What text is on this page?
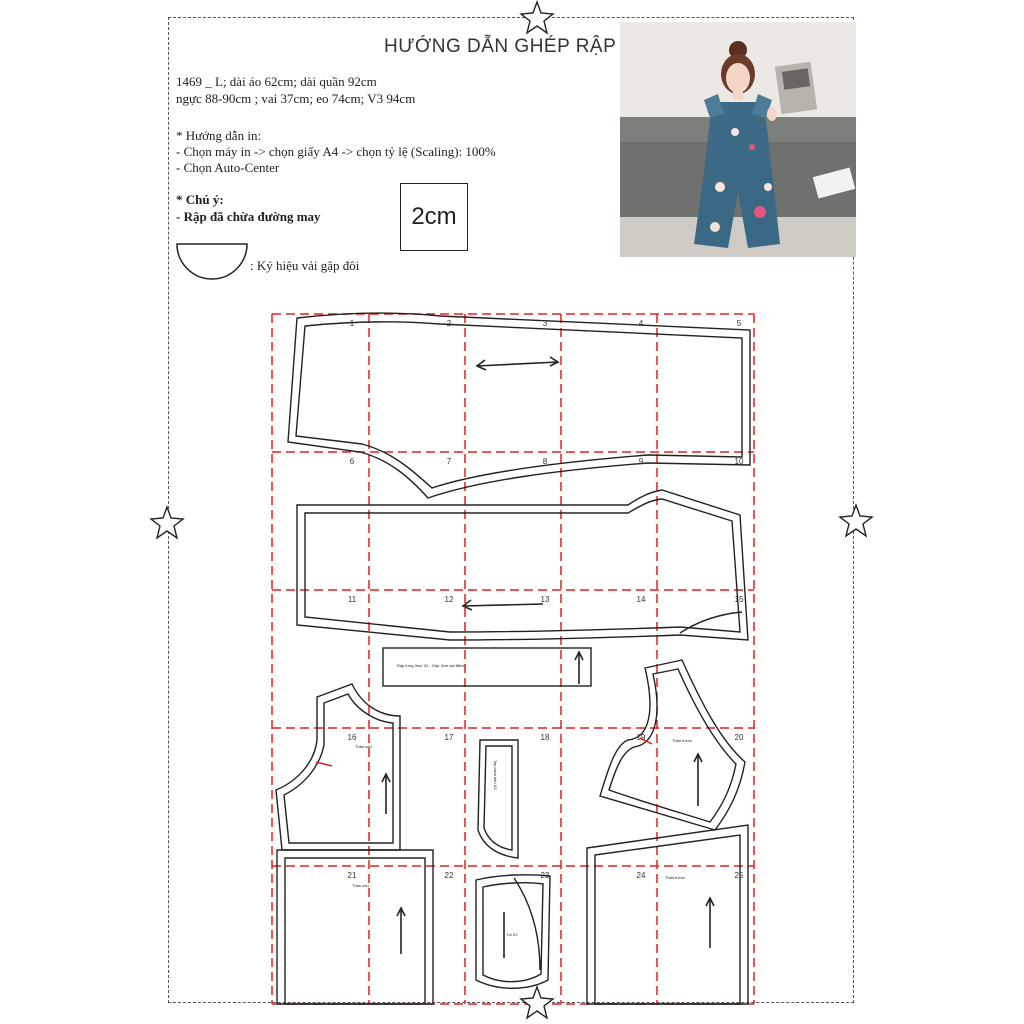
HƯỚNG DẪN GHÉP RẬP
1469 _ L; dài áo 62cm; dài quần 92cm
ngực 88-90cm ; vai 37cm; eo 74cm; V3 94cm
* Hướng dẫn in:
- Chọn máy in -> chọn giấy A4 -> chọn tỷ lệ (Scaling): 100%
- Chọn Auto-Center
* Chú ý:
- Rập đã chừa đường may	2cm
: Ký hiệu vải gập đôi
Rập lưng thun X2 - Gấp 3cm dài 88cm
Tay cánh tiên X2
Thân sau
Thân trước
Thân sau
Thân trước
Túi X2
1	2	3	4	5
6	7	8	9	10
11	12	13	14	15
16	17	18	19	20
21	22	23	24	25
